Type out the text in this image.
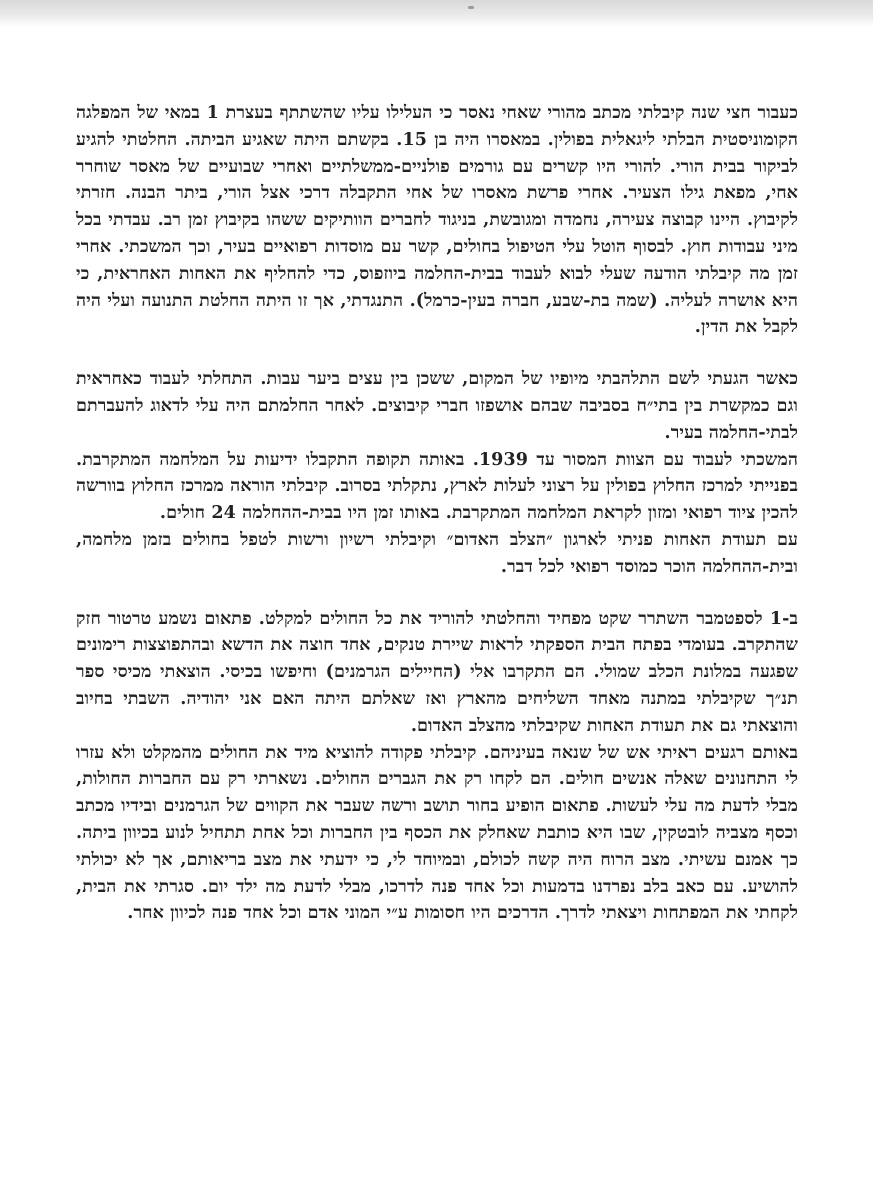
כעבור חצי שנה קיבלתי מכתב מהורי שאחי נאסר כי העלילו עליו שהשתתף בעצרת 1 במאי של המפלגה הקומוניסטית הבלתי ליגאלית בפולין. במאסרו היה בן 15. בקשתם היתה שאגיע הביתה. החלטתי להגיע לביקור בבית הורי. להורי היו קשרים עם גורמים פולניים-ממשלתיים ואחרי שבועיים של מאסר שוחרר אחי, מפאת גילו הצעיר. אחרי פרשת מאסרו של אחי התקבלה דרכי אצל הורי, ביתר הבנה. חזרתי לקיבוץ. היינו קבוצה צעירה, נחמדה ומגובשת, בניגוד לחברים הוותיקים ששהו בקיבוץ זמן רב. עבדתי בכל מיני עבודות חוץ. לבסוף הוטל עלי הטיפול בחולים, קשר עם מוסדות רפואיים בעיר, וכך המשכתי. אחרי זמן מה קיבלתי הודעה שעלי לבוא לעבוד בבית-החלמה ביוזפוס, כדי להחליף את האחות האחראית, כי היא אושרה לעליה. (שמה בת-שבע, חברה בעין-כרמל). התנגדתי, אך זו היתה החלטת התנועה ועלי היה לקבל את הדין.

כאשר הגעתי לשם התלהבתי מיופיו של המקום, ששכן בין עצים ביער עבות. התחלתי לעבוד כאחראית וגם כמקשרת בין בתי״ח בסביבה שבהם אושפזו חברי קיבוצים. לאחר החלמתם היה עלי לדאוג להעברתם לבתי-החלמה בעיר.

המשכתי לעבוד עם הצוות המסור עד 1939. באותה תקופה התקבלו ידיעות על המלחמה המתקרבת. בפנייתי למרכז החלוץ בפולין על רצוני לעלות לארץ, נתקלתי בסרוב. קיבלתי הוראה ממרכז החלוץ בוורשה להכין ציוד רפואי ומזון לקראת המלחמה המתקרבת. באותו זמן היו בבית-ההחלמה 24 חולים.

עם תעודת האחות פניתי לארגון ״הצלב האדום״ וקיבלתי רשיון ורשות לטפל בחולים בזמן מלחמה, ובית-ההחלמה הוכר כמוסד רפואי לכל דבר.

ב-1 לספטמבר השתרר שקט מפחיד והחלטתי להוריד את כל החולים למקלט. פתאום נשמע טרטור חזק שהתקרב. בעומדי בפתח הבית הספקתי לראות שיירת טנקים, אחד חוצה את הדשא ובהתפוצצות רימונים שפגעה במלונת הכלב שמולי. הם התקרבו אלי (החיילים הגרמנים) וחיפשו בכיסי. הוצאתי מכיסי ספר תנ״ך שקיבלתי במתנה מאחד השליחים מהארץ ואז שאלתם היתה האם אני יהודיה. השבתי בחיוב והוצאתי גם את תעודת האחות שקיבלתי מהצלב האדום.

באותם רגעים ראיתי אש של שנאה בעיניהם. קיבלתי פקודה להוציא מיד את החולים מהמקלט ולא עזרו לי התחנונים שאלה אנשים חולים. הם לקחו רק את הגברים החולים. נשארתי רק עם החברות החולות, מבלי לדעת מה עלי לעשות. פתאום הופיע בחור תושב ורשה שעבר את הקווים של הגרמנים ובידיו מכתב וכסף מצביה לובטקין, שבו היא כותבת שאחלק את הכסף בין החברות וכל אחת תתחיל לנוע בכיוון ביתה. כך אמנם עשיתי. מצב הרוח היה קשה לכולם, ובמיוחד לי, כי ידעתי את מצב בריאותם, אך לא יכולתי להושיע. עם כאב בלב נפרדנו בדמעות וכל אחד פנה לדרכו, מבלי לדעת מה ילד יום. סגרתי את הבית, לקחתי את המפתחות ויצאתי לדרך. הדרכים היו חסומות ע״י המוני אדם וכל אחד פנה לכיוון אחר.
